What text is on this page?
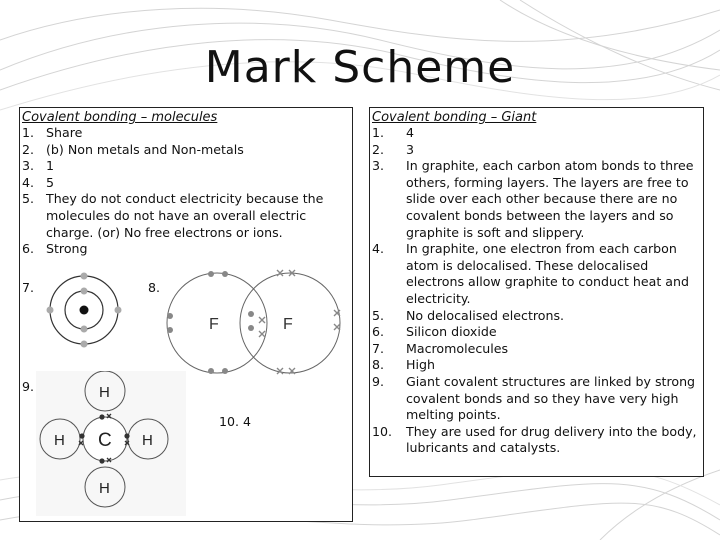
Mark Scheme
Covalent bonding – molecules
1. Share
2. (b) Non metals and Non-metals
3. 1
4. 5
5. They do not conduct electricity because the molecules do not have an overall electric charge. (or) No free electrons or ions.
6. Strong
7.	8.
9.
10. 4
F	F
C
H
H
H	H
Covalent bonding – Giant
1. 4
2. 3
3. In graphite, each carbon atom bonds to three others, forming layers. The layers are free to slide over each other because there are no covalent bonds between the layers and so graphite is soft and slippery.
4. In graphite, one electron from each carbon atom is delocalised. These delocalised electrons allow graphite to conduct heat and electricity.
5. No delocalised electrons.
6. Silicon dioxide
7. Macromolecules
8. High
9. Giant covalent structures are linked by strong covalent bonds and so they have very high melting points.
10. They are used for drug delivery into the body, lubricants and catalysts.
